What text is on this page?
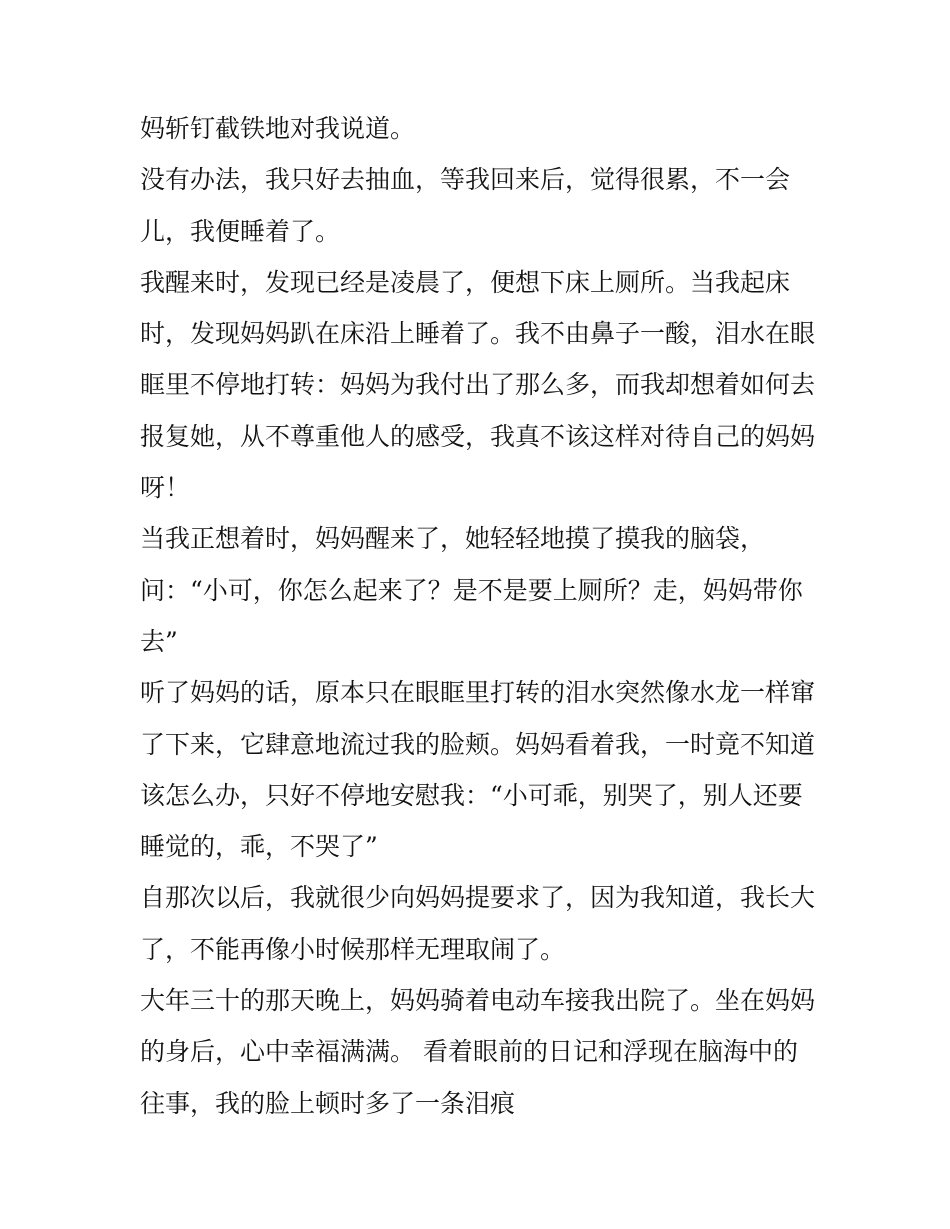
妈斩钉截铁地对我说道。
没有办法，我只好去抽血，等我回来后，觉得很累，不一会
儿，我便睡着了。
我醒来时，发现已经是凌晨了，便想下床上厕所。当我起床
时，发现妈妈趴在床沿上睡着了。我不由鼻子一酸，泪水在眼
眶里不停地打转：妈妈为我付出了那么多，而我却想着如何去
报复她，从不尊重他人的感受，我真不该这样对待自己的妈妈
呀！
当我正想着时，妈妈醒来了，她轻轻地摸了摸我的脑袋，
问：“小可，你怎么起来了？是不是要上厕所？走，妈妈带你
去”
听了妈妈的话，原本只在眼眶里打转的泪水突然像水龙一样窜
了下来，它肆意地流过我的脸颊。妈妈看着我，一时竟不知道
该怎么办，只好不停地安慰我：“小可乖，别哭了，别人还要
睡觉的，乖，不哭了”
自那次以后，我就很少向妈妈提要求了，因为我知道，我长大
了，不能再像小时候那样无理取闹了。
大年三十的那天晚上，妈妈骑着电动车接我出院了。坐在妈妈
的身后，心中幸福满满。 看着眼前的日记和浮现在脑海中的
往事，我的脸上顿时多了一条泪痕
